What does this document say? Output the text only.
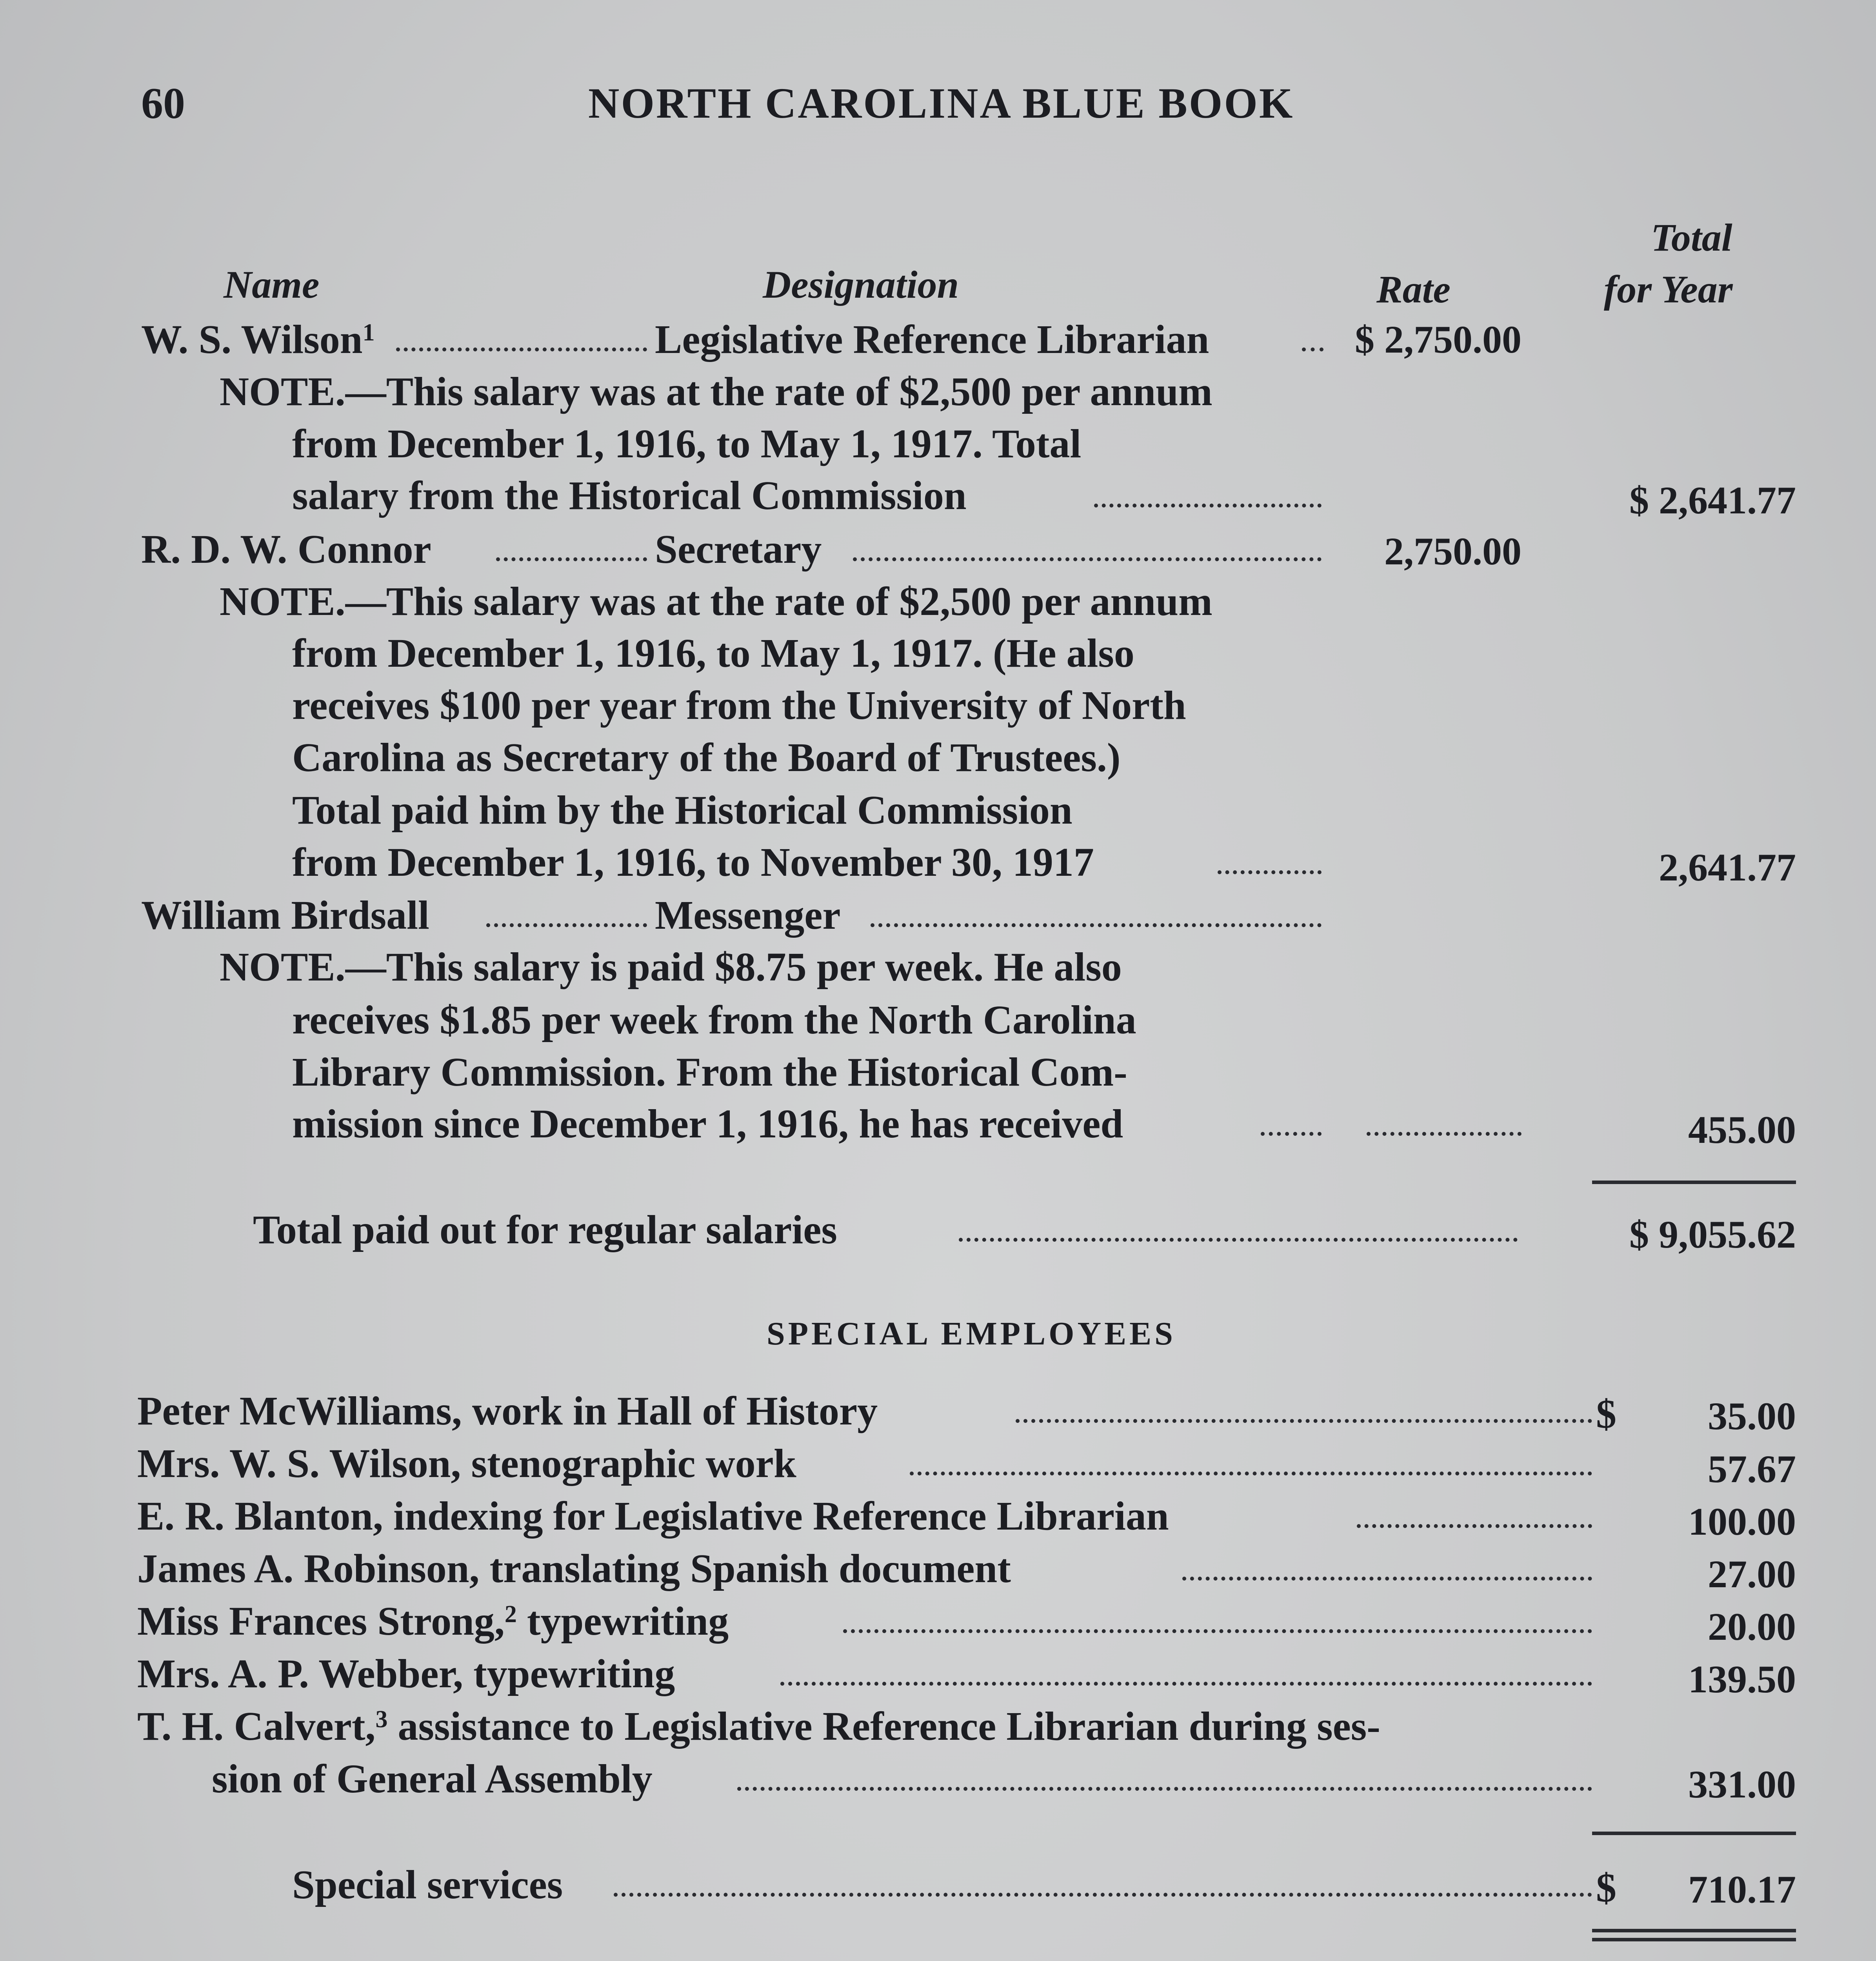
60	NORTH CAROLINA BLUE BOOK
Total
Name	Designation	Rate	for Year
W. S. Wilson$^1$	Legislative Reference Librarian	$ 2,750.00
NOTE.—This salary was at the rate of $2,500 per annum
from December 1, 1916, to May 1, 1917. Total
salary from the Historical Commission	$ 2,641.77
R. D. W. Connor	Secretary	2,750.00
NOTE.—This salary was at the rate of $2,500 per annum
from December 1, 1916, to May 1, 1917. (He also
receives $100 per year from the University of North
Carolina as Secretary of the Board of Trustees.)
Total paid him by the Historical Commission
from December 1, 1916, to November 30, 1917	2,641.77
William Birdsall	Messenger
NOTE.—This salary is paid $8.75 per week. He also
receives $1.85 per week from the North Carolina
Library Commission. From the Historical Com-
mission since December 1, 1916, he has received	455.00
Total paid out for regular salaries	$ 9,055.62
SPECIAL EMPLOYEES
Peter McWilliams, work in Hall of History	$	35.00
Mrs. W. S. Wilson, stenographic work	57.67
E. R. Blanton, indexing for Legislative Reference Librarian	100.00
James A. Robinson, translating Spanish document	27.00
Miss Frances Strong,$^2$ typewriting	20.00
Mrs. A. P. Webber, typewriting	139.50
T. H. Calvert,$^3$ assistance to Legislative Reference Librarian during ses-
sion of General Assembly	331.00
Special services	$	710.17
